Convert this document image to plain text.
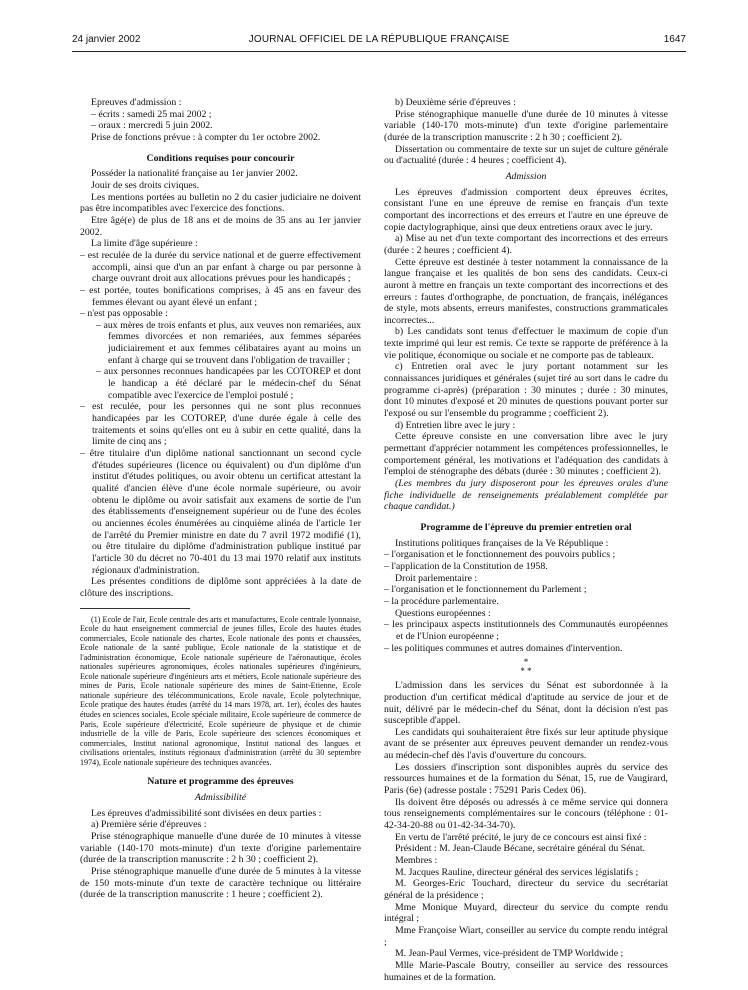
24 janvier 2002	JOURNAL OFFICIEL DE LA RÉPUBLIQUE FRANÇAISE	1647

Epreuves d'admission :

– écrits : samedi 25 mai 2002 ;

– oraux : mercredi 5 juin 2002.

Prise de fonctions prévue : à compter du 1er octobre 2002.

Conditions requises pour concourir

Posséder la nationalité française au 1er janvier 2002.

Jouir de ses droits civiques.

Les mentions portées au bulletin no 2 du casier judiciaire ne doivent pas être incompatibles avec l'exercice des fonctions.

Etre âgé(e) de plus de 18 ans et de moins de 35 ans au 1er janvier 2002.

La limite d'âge supérieure :

– est reculée de la durée du service national et de guerre effectivement accompli, ainsi que d'un an par enfant à charge ou par personne à charge ouvrant droit aux allocations prévues pour les handicapés ;

– est portée, toutes bonifications comprises, à 45 ans en faveur des femmes élevant ou ayant élevé un enfant ;

– n'est pas opposable :

– aux mères de trois enfants et plus, aux veuves non remariées, aux femmes divorcées et non remariées, aux femmes séparées judiciairement et aux femmes célibataires ayant au moins un enfant à charge qui se trouvent dans l'obligation de travailler ;

– aux personnes reconnues handicapées par les COTOREP et dont le handicap a été déclaré par le médecin-chef du Sénat compatible avec l'exercice de l'emploi postulé ;

– est reculée, pour les personnes qui ne sont plus reconnues handicapées par les COTOREP, d'une durée égale à celle des traitements et soins qu'elles ont eu à subir en cette qualité, dans la limite de cinq ans ;

– être titulaire d'un diplôme national sanctionnant un second cycle d'études supérieures (licence ou équivalent) ou d'un diplôme d'un institut d'études politiques, ou avoir obtenu un certificat attestant la qualité d'ancien élève d'une école normale supérieure, ou avoir obtenu le diplôme ou avoir satisfait aux examens de sortie de l'un des établissements d'enseignement supérieur ou de l'une des écoles ou anciennes écoles énumérées au cinquième alinéa de l'article 1er de l'arrêté du Premier ministre en date du 7 avril 1972 modifié (1), ou être titulaire du diplôme d'administration publique institué par l'article 30 du décret no 70-401 du 13 mai 1970 relatif aux instituts régionaux d'administration.

Les présentes conditions de diplôme sont appréciées à la date de clôture des inscriptions.

(1) Ecole de l'air, Ecole centrale des arts et manufactures, Ecole centrale lyonnaise, Ecole du haut enseignement commercial de jeunes filles, Ecole des hautes études commerciales, Ecole nationale des chartes, Ecole nationale des ponts et chaussées, Ecole nationale de la santé publique, Ecole nationale de la statistique et de l'administration économique, Ecole nationale supérieure de l'aéronautique, écoles nationales supérieures agronomiques, écoles nationales supérieures d'ingénieurs, Ecole nationale supérieure d'ingénieurs arts et métiers, Ecole nationale supérieure des mines de Paris, Ecole nationale supérieure des mines de Saint-Etienne, Ecole nationale supérieure des télécommunications, Ecole navale, Ecole polytechnique, Ecole pratique des hautes études (arrêté du 14 mars 1978, art. 1er), écoles des hautes études en sciences sociales, Ecole spéciale militaire, Ecole supérieure de commerce de Paris, Ecole supérieure d'électricité, Ecole supérieure de physique et de chimie industrielle de la ville de Paris, Ecole supérieure des sciences économiques et commerciales, Institut national agronomique, Institut national des langues et civilisations orientales, instituts régionaux d'administration (arrêté du 30 septembre 1974), Ecole nationale supérieure des techniques avancées.

Nature et programme des épreuves

Admissibilité

Les épreuves d'admissibilité sont divisées en deux parties :

a) Première série d'épreuves :

Prise sténographique manuelle d'une durée de 10 minutes à vitesse variable (140-170 mots-minute) d'un texte d'origine parlementaire (durée de la transcription manuscrite : 2 h 30 ; coefficient 2).

Prise sténographique manuelle d'une durée de 5 minutes à la vitesse de 150 mots-minute d'un texte de caractère technique ou littéraire (durée de la transcription manuscrite : 1 heure ; coefficient 2).

b) Deuxième série d'épreuves :

Prise sténographique manuelle d'une durée de 10 minutes à vitesse variable (140-170 mots-minute) d'un texte d'origine parlementaire (durée de la transcription manuscrite : 2 h 30 ; coefficient 2).

Dissertation ou commentaire de texte sur un sujet de culture générale ou d'actualité (durée : 4 heures ; coefficient 4).

Admission

Les épreuves d'admission comportent deux épreuves écrites, consistant l'une en une épreuve de remise en français d'un texte comportant des incorrections et des erreurs et l'autre en une épreuve de copie dactylographique, ainsi que deux entretiens oraux avec le jury.

a) Mise au net d'un texte comportant des incorrections et des erreurs (durée : 2 heures ; coefficient 4).

Cette épreuve est destinée à tester notamment la connaissance de la langue française et les qualités de bon sens des candidats. Ceux-ci auront à mettre en français un texte comportant des incorrections et des erreurs : fautes d'orthographe, de ponctuation, de français, inélégances de style, mots absents, erreurs manifestes, constructions grammaticales incorrectes...

b) Les candidats sont tenus d'effectuer le maximum de copie d'un texte imprimé qui leur est remis. Ce texte se rapporte de préférence à la vie politique, économique ou sociale et ne comporte pas de tableaux.

c) Entretien oral avec le jury portant notamment sur les connaissances juridiques et générales (sujet tiré au sort dans le cadre du programme ci-après) (préparation : 30 minutes ; durée : 30 minutes, dont 10 minutes d'exposé et 20 minutes de questions pouvant porter sur l'exposé ou sur l'ensemble du programme ; coefficient 2).

d) Entretien libre avec le jury :

Cette épreuve consiste en une conversation libre avec le jury permettant d'apprécier notamment les compétences professionnelles, le comportement général, les motivations et l'adéquation des candidats à l'emploi de sténographe des débats (durée : 30 minutes ; coefficient 2).

(Les membres du jury disposeront pour les épreuves orales d'une fiche individuelle de renseignements préalablement complétée par chaque candidat.)

Programme de l'épreuve du premier entretien oral

Institutions politiques françaises de la Ve République :

– l'organisation et le fonctionnement des pouvoirs publics ;

– l'application de la Constitution de 1958.

Droit parlementaire :

– l'organisation et le fonctionnement du Parlement ;

– la procédure parlementaire.

Questions européennes :

– les principaux aspects institutionnels des Communautés européennes et de l'Union européenne ;

– les politiques communes et autres domaines d'intervention.

*

* *

L'admission dans les services du Sénat est subordonnée à la production d'un certificat médical d'aptitude au service de jour et de nuit, délivré par le médecin-chef du Sénat, dont la décision n'est pas susceptible d'appel.

Les candidats qui souhaiteraient être fixés sur leur aptitude physique avant de se présenter aux épreuves peuvent demander un rendez-vous au médecin-chef dès l'avis d'ouverture du concours.

Les dossiers d'inscription sont disponibles auprès du service des ressources humaines et de la formation du Sénat, 15, rue de Vaugirard, Paris (6e) (adresse postale : 75291 Paris Cedex 06).

Ils doivent être déposés ou adressés à ce même service qui donnera tous renseignements complémentaires sur le concours (téléphone : 01-42-34-20-88 ou 01-42-34-34-70).

En vertu de l'arrêté précité, le jury de ce concours est ainsi fixé :

Président : M. Jean-Claude Bécane, secrétaire général du Sénat.

Membres :

M. Jacques Rauline, directeur général des services législatifs ;

M. Georges-Eric Touchard, directeur du service du secrétariat général de la présidence ;

Mme Monique Muyard, directeur du service du compte rendu intégral ;

Mme Françoise Wiart, conseiller au service du compte rendu intégral ;

M. Jean-Paul Vermes, vice-président de TMP Worldwide ;

Mlle Marie-Pascale Boutry, conseiller au service des ressources humaines et de la formation.
